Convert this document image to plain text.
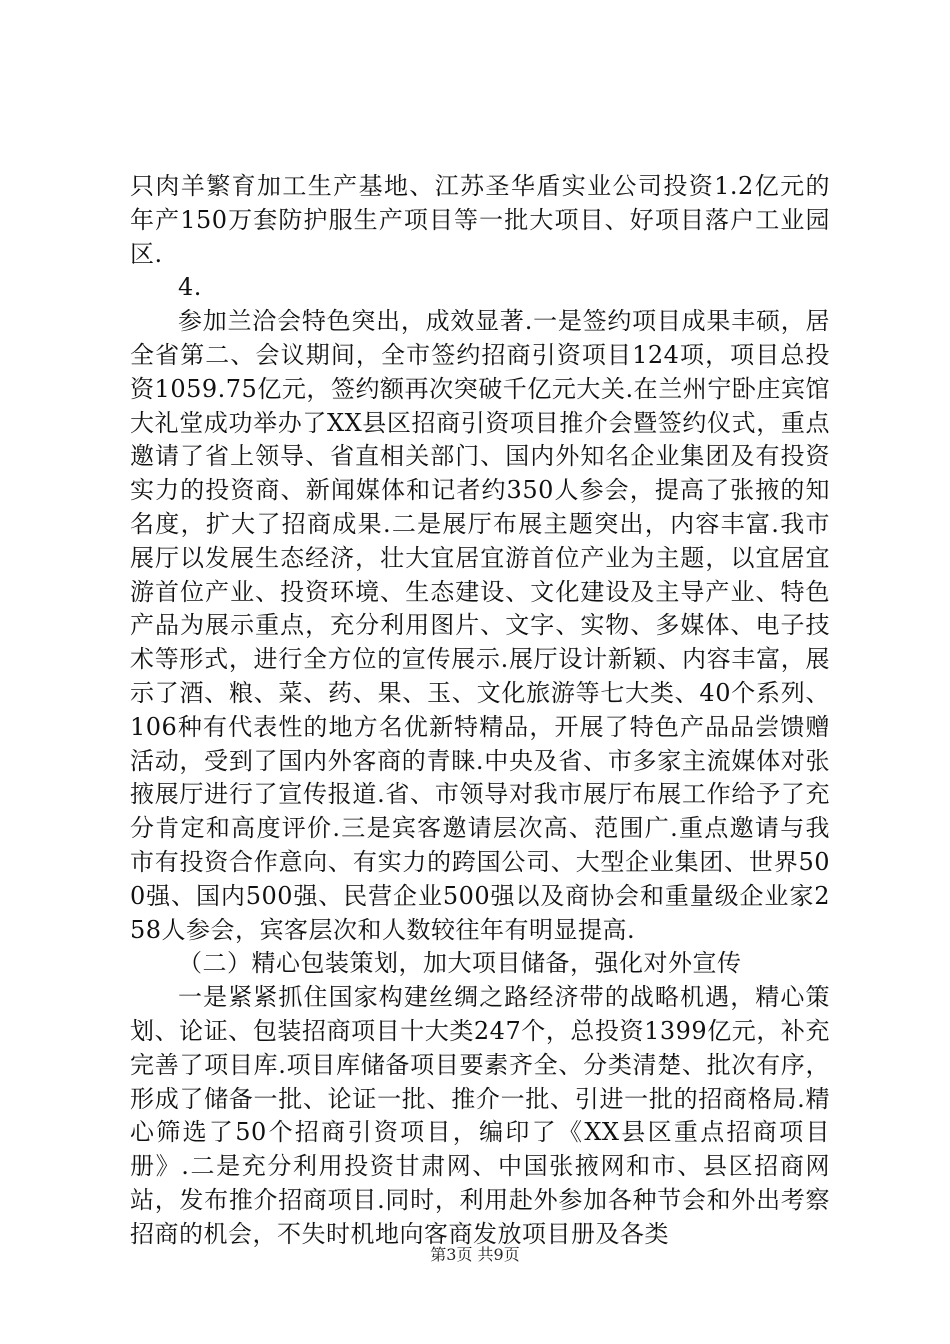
只肉羊繁育加工生产基地、江苏圣华盾实业公司投资1.2亿元的年产150万套防护服生产项目等一批大项目、好项目落户工业园区.

4.

参加兰洽会特色突出，成效显著.一是签约项目成果丰硕，居全省第二、会议期间，全市签约招商引资项目124项，项目总投资1059.75亿元，签约额再次突破千亿元大关.在兰州宁卧庄宾馆大礼堂成功举办了XX县区招商引资项目推介会暨签约仪式，重点邀请了省上领导、省直相关部门、国内外知名企业集团及有投资实力的投资商、新闻媒体和记者约350人参会，提高了张掖的知名度，扩大了招商成果.二是展厅布展主题突出，内容丰富.我市展厅以发展生态经济，壮大宜居宜游首位产业为主题，以宜居宜游首位产业、投资环境、生态建设、文化建设及主导产业、特色产品为展示重点，充分利用图片、文字、实物、多媒体、电子技术等形式，进行全方位的宣传展示.展厅设计新颖、内容丰富，展示了酒、粮、菜、药、果、玉、文化旅游等七大类、40个系列、106种有代表性的地方名优新特精品，开展了特色产品品尝馈赠活动，受到了国内外客商的青睐.中央及省、市多家主流媒体对张掖展厅进行了宣传报道.省、市领导对我市展厅布展工作给予了充分肯定和高度评价.三是宾客邀请层次高、范围广.重点邀请与我市有投资合作意向、有实力的跨国公司、大型企业集团、世界500强、国内500强、民营企业500强以及商协会和重量级企业家258人参会，宾客层次和人数较往年有明显提高.

（二）精心包装策划，加大项目储备，强化对外宣传

一是紧紧抓住国家构建丝绸之路经济带的战略机遇，精心策划、论证、包装招商项目十大类247个，总投资1399亿元，补充完善了项目库.项目库储备项目要素齐全、分类清楚、批次有序，形成了储备一批、论证一批、推介一批、引进一批的招商格局.精心筛选了50个招商引资项目，编印了《XX县区重点招商项目册》.二是充分利用投资甘肃网、中国张掖网和市、县区招商网站，发布推介招商项目.同时，利用赴外参加各种节会和外出考察招商的机会，不失时机地向客商发放项目册及各类

第3页 共9页
